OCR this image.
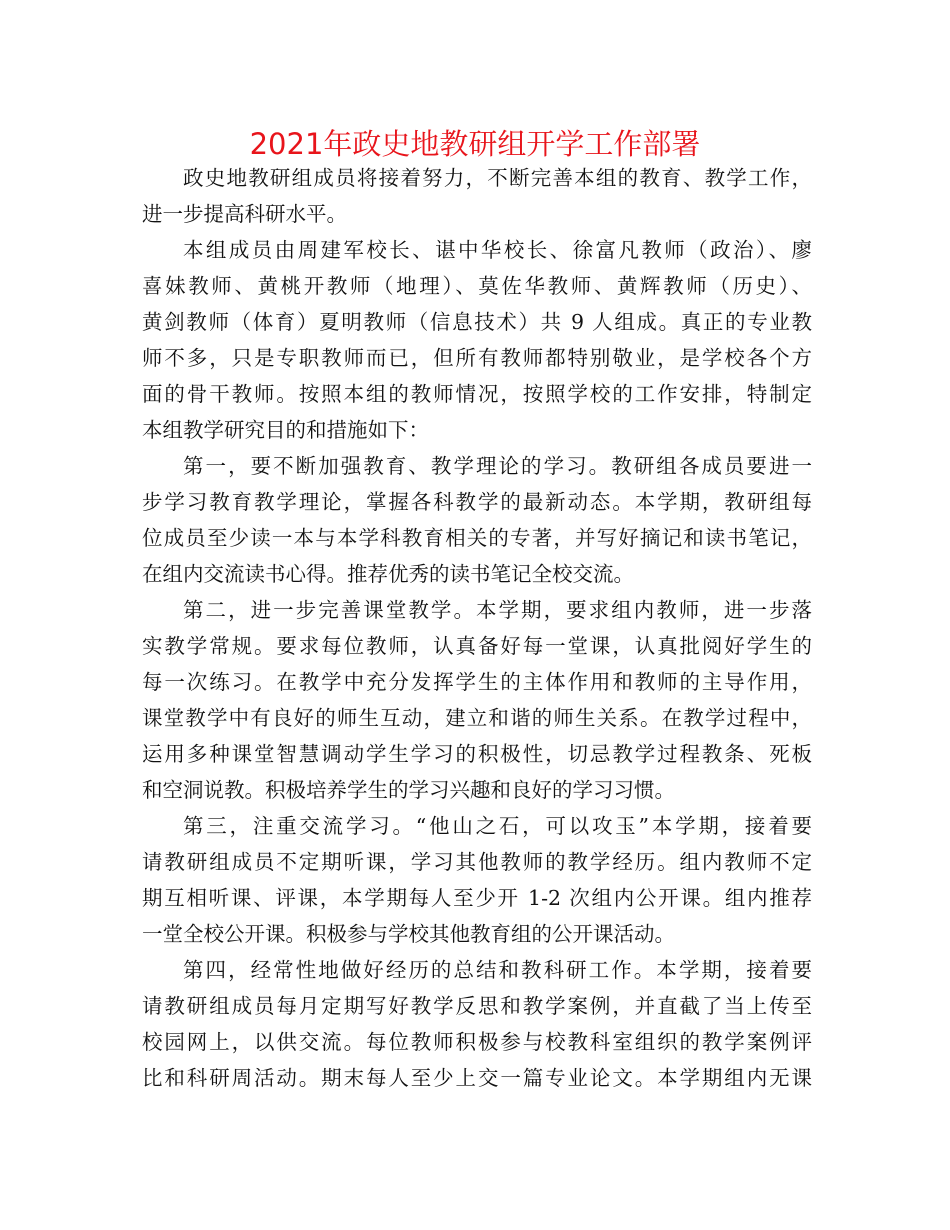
2021年政史地教研组开学工作部署
政史地教研组成员将接着努力，不断完善本组的教育、教学工作，
进一步提高科研水平。
本组成员由周建军校长、谌中华校长、徐富凡教师（政治）、廖
喜妹教师、黄桃开教师（地理）、莫佐华教师、黄辉教师（历史）、
黄剑教师（体育）夏明教师（信息技术）共 9 人组成。真正的专业教
师不多，只是专职教师而已，但所有教师都特别敬业，是学校各个方
面的骨干教师。按照本组的教师情况，按照学校的工作安排，特制定
本组教学研究目的和措施如下：
第一，要不断加强教育、教学理论的学习。教研组各成员要进一
步学习教育教学理论，掌握各科教学的最新动态。本学期，教研组每
位成员至少读一本与本学科教育相关的专著，并写好摘记和读书笔记，
在组内交流读书心得。推荐优秀的读书笔记全校交流。
第二，进一步完善课堂教学。本学期，要求组内教师，进一步落
实教学常规。要求每位教师，认真备好每一堂课，认真批阅好学生的
每一次练习。在教学中充分发挥学生的主体作用和教师的主导作用，
课堂教学中有良好的师生互动，建立和谐的师生关系。在教学过程中，
运用多种课堂智慧调动学生学习的积极性，切忌教学过程教条、死板
和空洞说教。积极培养学生的学习兴趣和良好的学习习惯。
第三，注重交流学习。“他山之石，可以攻玉”本学期，接着要
请教研组成员不定期听课，学习其他教师的教学经历。组内教师不定
期互相听课、评课，本学期每人至少开 1-2 次组内公开课。组内推荐
一堂全校公开课。积极参与学校其他教育组的公开课活动。
第四，经常性地做好经历的总结和教科研工作。本学期，接着要
请教研组成员每月定期写好教学反思和教学案例，并直截了当上传至
校园网上，以供交流。每位教师积极参与校教科室组织的教学案例评
比和科研周活动。期末每人至少上交一篇专业论文。本学期组内无课
